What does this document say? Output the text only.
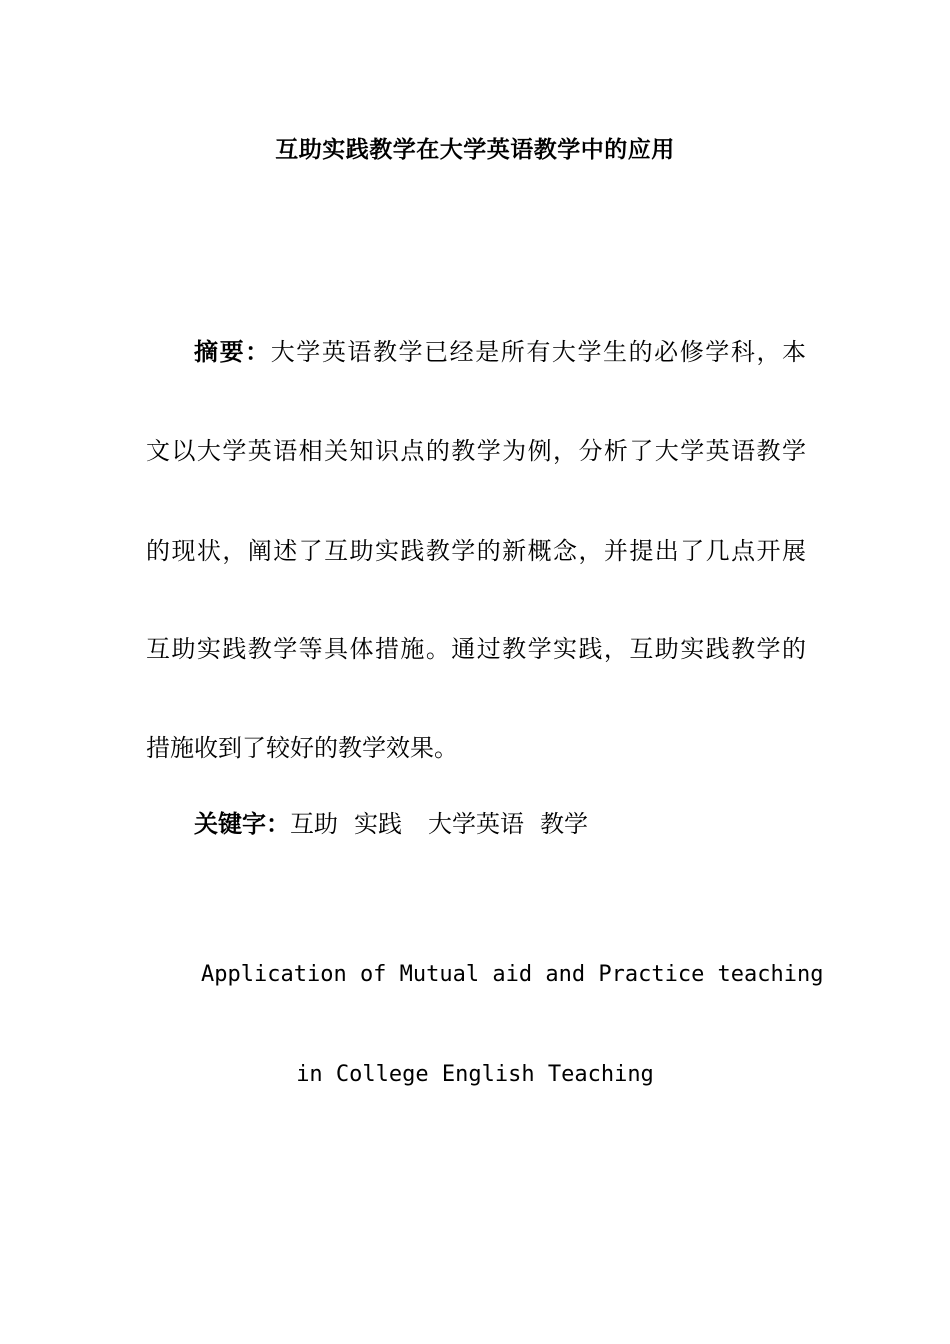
互助实践教学在大学英语教学中的应用
摘要：大学英语教学已经是所有大学生的必修学科，本
文以大学英语相关知识点的教学为例，分析了大学英语教学
的现状，阐述了互助实践教学的新概念，并提出了几点开展
互助实践教学等具体措施。通过教学实践，互助实践教学的
措施收到了较好的教学效果。
关键字：互助 实践 大学英语 教学
Application of Mutual aid and Practice teaching
in College English Teaching
